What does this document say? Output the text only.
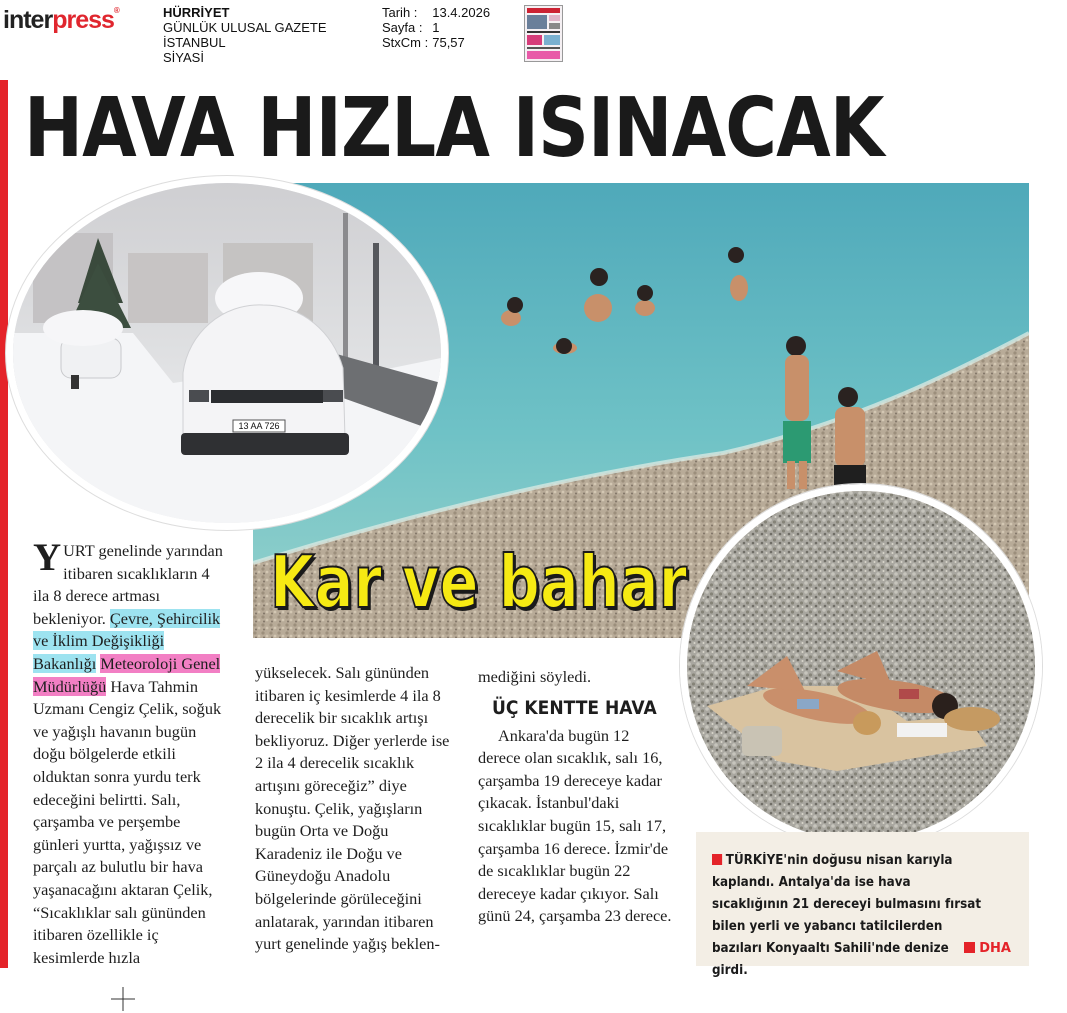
interpress®	HÜRRİYET
GÜNLÜK ULUSAL GAZETE
İSTANBUL
SİYASİ
Tarih :	13.4.2026
Sayfa :	1
StxCm :	75,57
HAVA HIZLA ISINACAK
13 AA 726
Kar ve bahar

YURT genelinde yarından itibaren sıcaklıkların 4 ila 8 derece artması bekleniyor. Çevre, Şehircilik ve İklim Değişikliği Bakanlığı Meteoroloji Genel Müdürlüğü Hava Tahmin Uzmanı Cengiz Çelik, soğuk ve yağışlı havanın bugün doğu bölgelerde etkili olduktan sonra yurdu terk edeceğini belirtti. Salı, çarşamba ve perşembe günleri yurtta, yağışsız ve parçalı az bulutlu bir hava yaşanacağını aktaran Çelik, “Sıcaklıklar salı gününden itibaren özellikle iç kesimlerde hızla

yükselecek. Salı gününden itibaren iç kesimlerde 4 ila 8 derecelik bir sıcaklık artışı bekliyoruz. Diğer yerlerde ise 2 ila 4 derecelik sıcaklık artışını göreceğiz” diye konuştu. Çelik, yağışların bugün Orta ve Doğu Karadeniz ile Doğu ve Güneydoğu Anadolu bölgelerinde görüleceğini anlatarak, yarından itibaren yurt genelinde yağış beklen-

mediğini söyledi.

ÜÇ KENTTE HAVA

Ankara'da bugün 12 derece olan sıcaklık, salı 16, çarşamba 19 dereceye kadar çıkacak. İstanbul'daki sıcaklıklar bugün 15, salı 17, çarşamba 16 derece. İzmir'de de sıcaklıklar bugün 22 dereceye kadar çıkıyor. Salı günü 24, çarşamba 23 derece.

TÜRKİYE'nin doğusu nisan karıyla kaplandı. Antalya'da ise hava sıcaklığının 21 dereceyi bulmasını fırsat bilen yerli ve yabancı tatilcilerden bazıları Konyaaltı Sahili'nde denize girdi.
DHA
